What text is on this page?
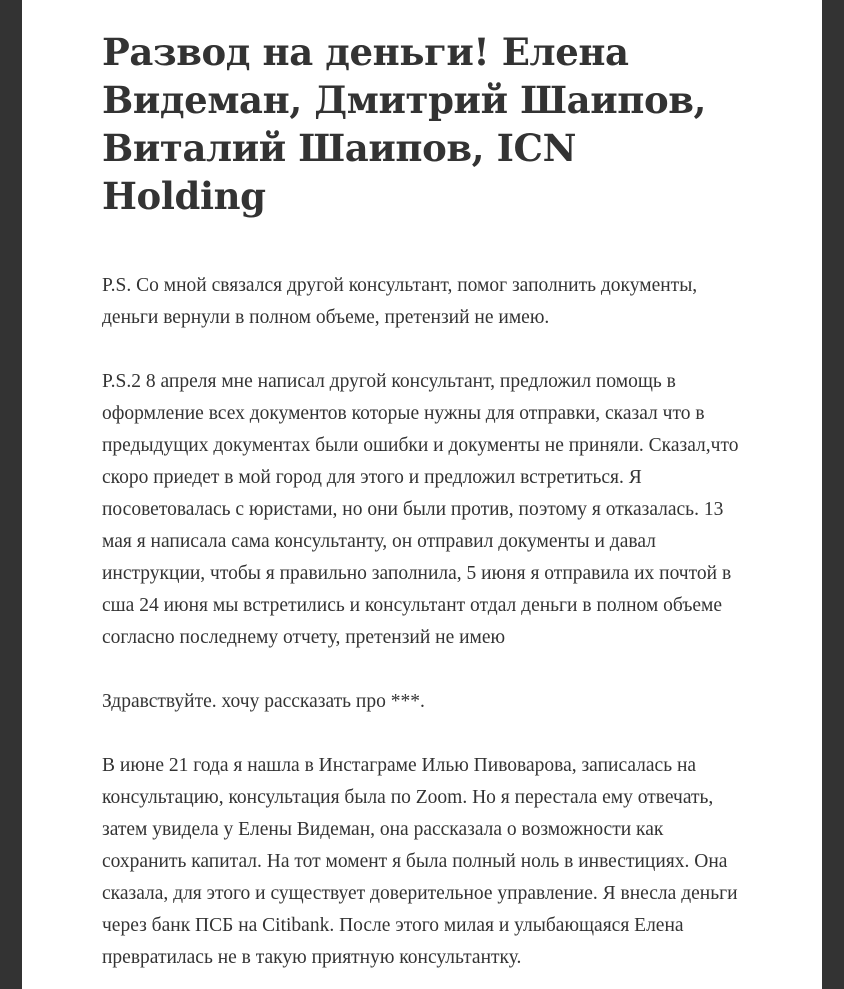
Развод на деньги! Елена Видеман, Дмитрий Шаипов, Виталий Шаипов, ICN Holding

P.S. Со мной связался другой консультант, помог заполнить документы, деньги вернули в полном объеме, претензий не имею.

P.S.2 8 апреля мне написал другой консультант, предложил помощь в оформление всех документов которые нужны для отправки, сказал что в предыдущих документах были ошибки и документы не приняли. Сказал,что скоро приедет в мой город для этого и предложил встретиться. Я посоветовалась с юристами, но они были против, поэтому я отказалась. 13 мая я написала сама консультанту, он отправил документы и давал инструкции, чтобы я правильно заполнила, 5 июня я отправила их почтой в сша 24 июня мы встретились и консультант отдал деньги в полном объеме согласно последнему отчету, претензий не имею

Здравствуйте. хочу рассказать про ***.

В июне 21 года я нашла в Инстаграме Илью Пивоварова, записалась на консультацию, консультация была по Zoom. Но я перестала ему отвечать, затем увидела у Елены Видеман, она рассказала о возможности как сохранить капитал. На тот момент я была полный ноль в инвестициях. Она сказала, для этого и существует доверительное управление. Я внесла деньги через банк ПСБ на Citibank. После этого милая и улыбающаяся Елена превратилась не в такую приятную консультантку.
